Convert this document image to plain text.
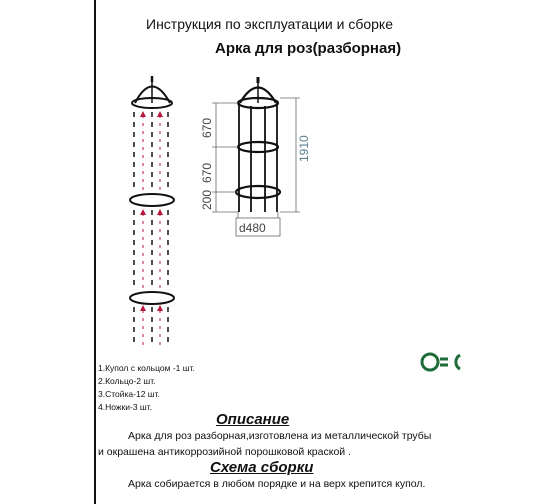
Инструкция по эксплуатации и сборке
Арка для роз(разборная)
670
670
200
1910
d480
1.Купол с кольцом -1 шт.
2.Кольцо-2 шт.
3.Стойка-12 шт.
4.Ножки-3 шт.
Описание
Арка для роз разборная,изготовлена из металлической трубы
и окрашена антикоррозийной порошковой краской .
Схема сборки
Арка собирается в любом порядке и на верх крепится купол.
